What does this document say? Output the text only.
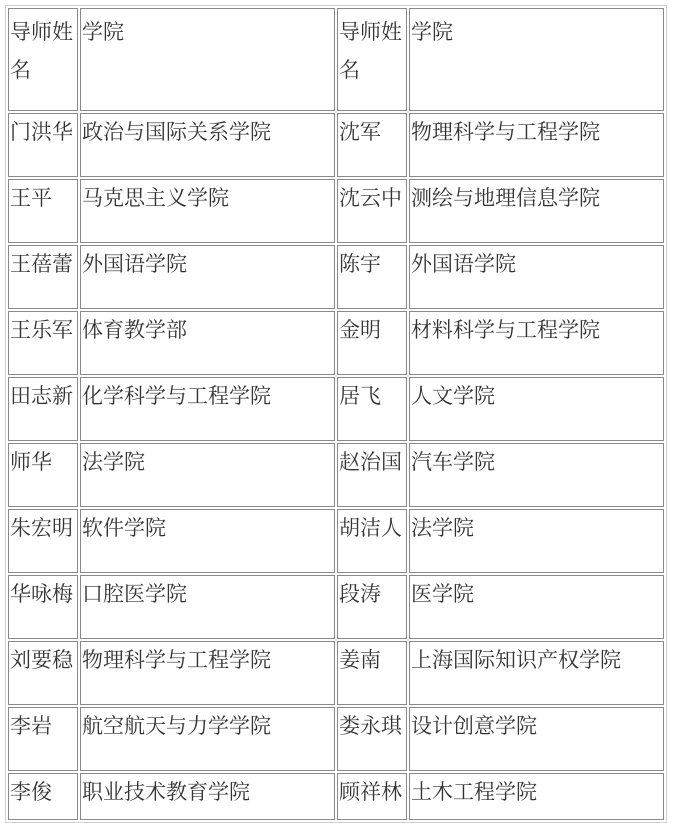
导师姓名	学院	导师姓名	学院
门洪华	政治与国际关系学院	沈军	物理科学与工程学院
王平	马克思主义学院	沈云中	测绘与地理信息学院
王蓓蕾	外国语学院	陈宇	外国语学院
王乐军	体育教学部	金明	材料科学与工程学院
田志新	化学科学与工程学院	居飞	人文学院
师华	法学院	赵治国	汽车学院
朱宏明	软件学院	胡洁人	法学院
华咏梅	口腔医学院	段涛	医学院
刘要稳	物理科学与工程学院	姜南	上海国际知识产权学院
李岩	航空航天与力学学院	娄永琪	设计创意学院
李俊	职业技术教育学院	顾祥林	土木工程学院
